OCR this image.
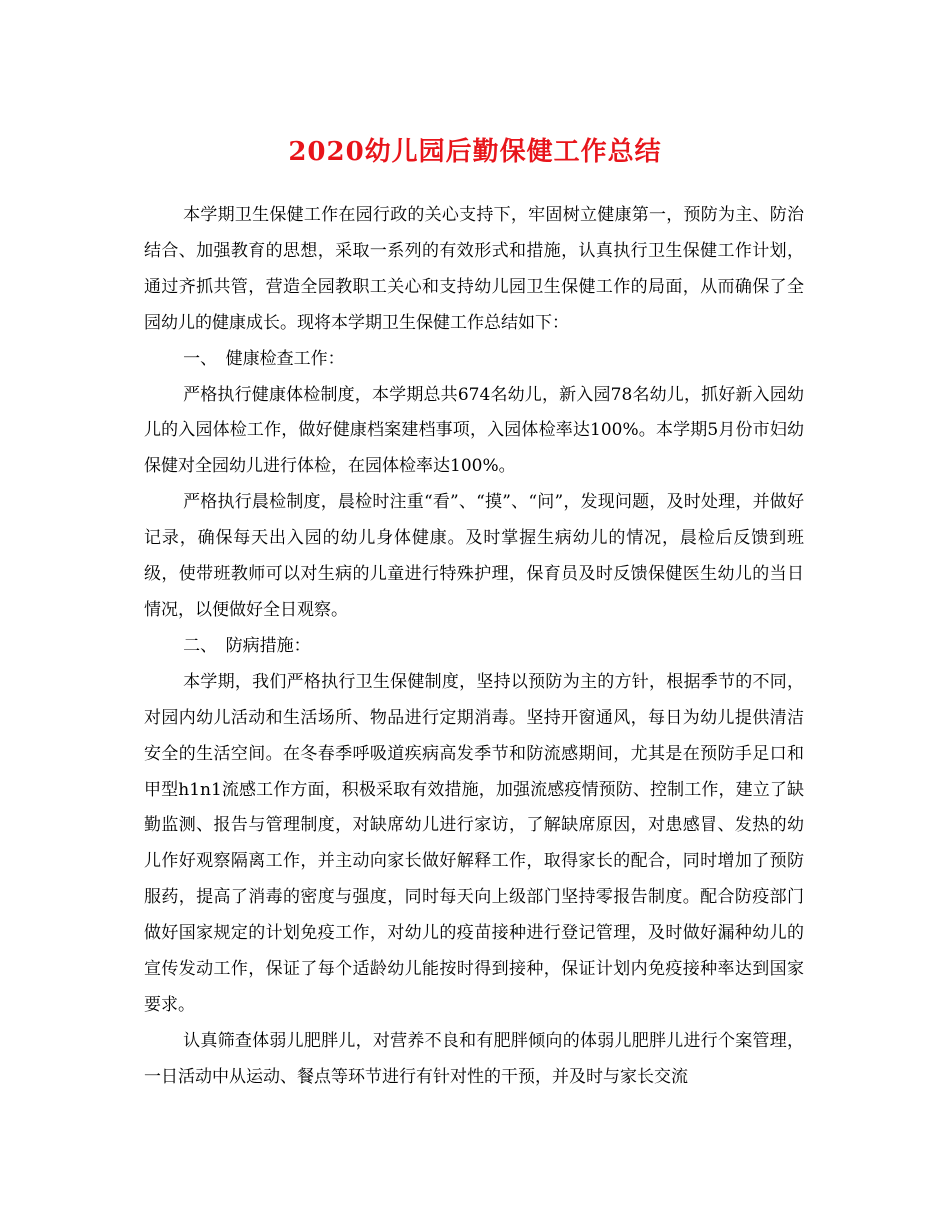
2020幼儿园后勤保健工作总结

本学期卫生保健工作在园行政的关心支持下，牢固树立健康第一，预防为主、防治结合、加强教育的思想，采取一系列的有效形式和措施，认真执行卫生保健工作计划，通过齐抓共管，营造全园教职工关心和支持幼儿园卫生保健工作的局面，从而确保了全园幼儿的健康成长。现将本学期卫生保健工作总结如下：

一、　健康检查工作：

严格执行健康体检制度，本学期总共674名幼儿，新入园78名幼儿，抓好新入园幼儿的入园体检工作，做好健康档案建档事项，入园体检率达100%。本学期5月份市妇幼保健对全园幼儿进行体检，在园体检率达100%。

严格执行晨检制度，晨检时注重“看”、“摸”、“问”，发现问题，及时处理，并做好记录，确保每天出入园的幼儿身体健康。及时掌握生病幼儿的情况，晨检后反馈到班级，使带班教师可以对生病的儿童进行特殊护理，保育员及时反馈保健医生幼儿的当日情况，以便做好全日观察。

二、　防病措施：

本学期，我们严格执行卫生保健制度，坚持以预防为主的方针，根据季节的不同，对园内幼儿活动和生活场所、物品进行定期消毒。坚持开窗通风，每日为幼儿提供清洁安全的生活空间。在冬春季呼吸道疾病高发季节和防流感期间，尤其是在预防手足口和甲型h1n1流感工作方面，积极采取有效措施，加强流感疫情预防、控制工作，建立了缺勤监测、报告与管理制度，对缺席幼儿进行家访，了解缺席原因，对患感冒、发热的幼儿作好观察隔离工作，并主动向家长做好解释工作，取得家长的配合，同时增加了预防服药，提高了消毒的密度与强度，同时每天向上级部门坚持零报告制度。配合防疫部门做好国家规定的计划免疫工作，对幼儿的疫苗接种进行登记管理，及时做好漏种幼儿的宣传发动工作，保证了每个适龄幼儿能按时得到接种，保证计划内免疫接种率达到国家要求。

认真筛查体弱儿肥胖儿，对营养不良和有肥胖倾向的体弱儿肥胖儿进行个案管理，一日活动中从运动、餐点等环节进行有针对性的干预，并及时与家长交流
